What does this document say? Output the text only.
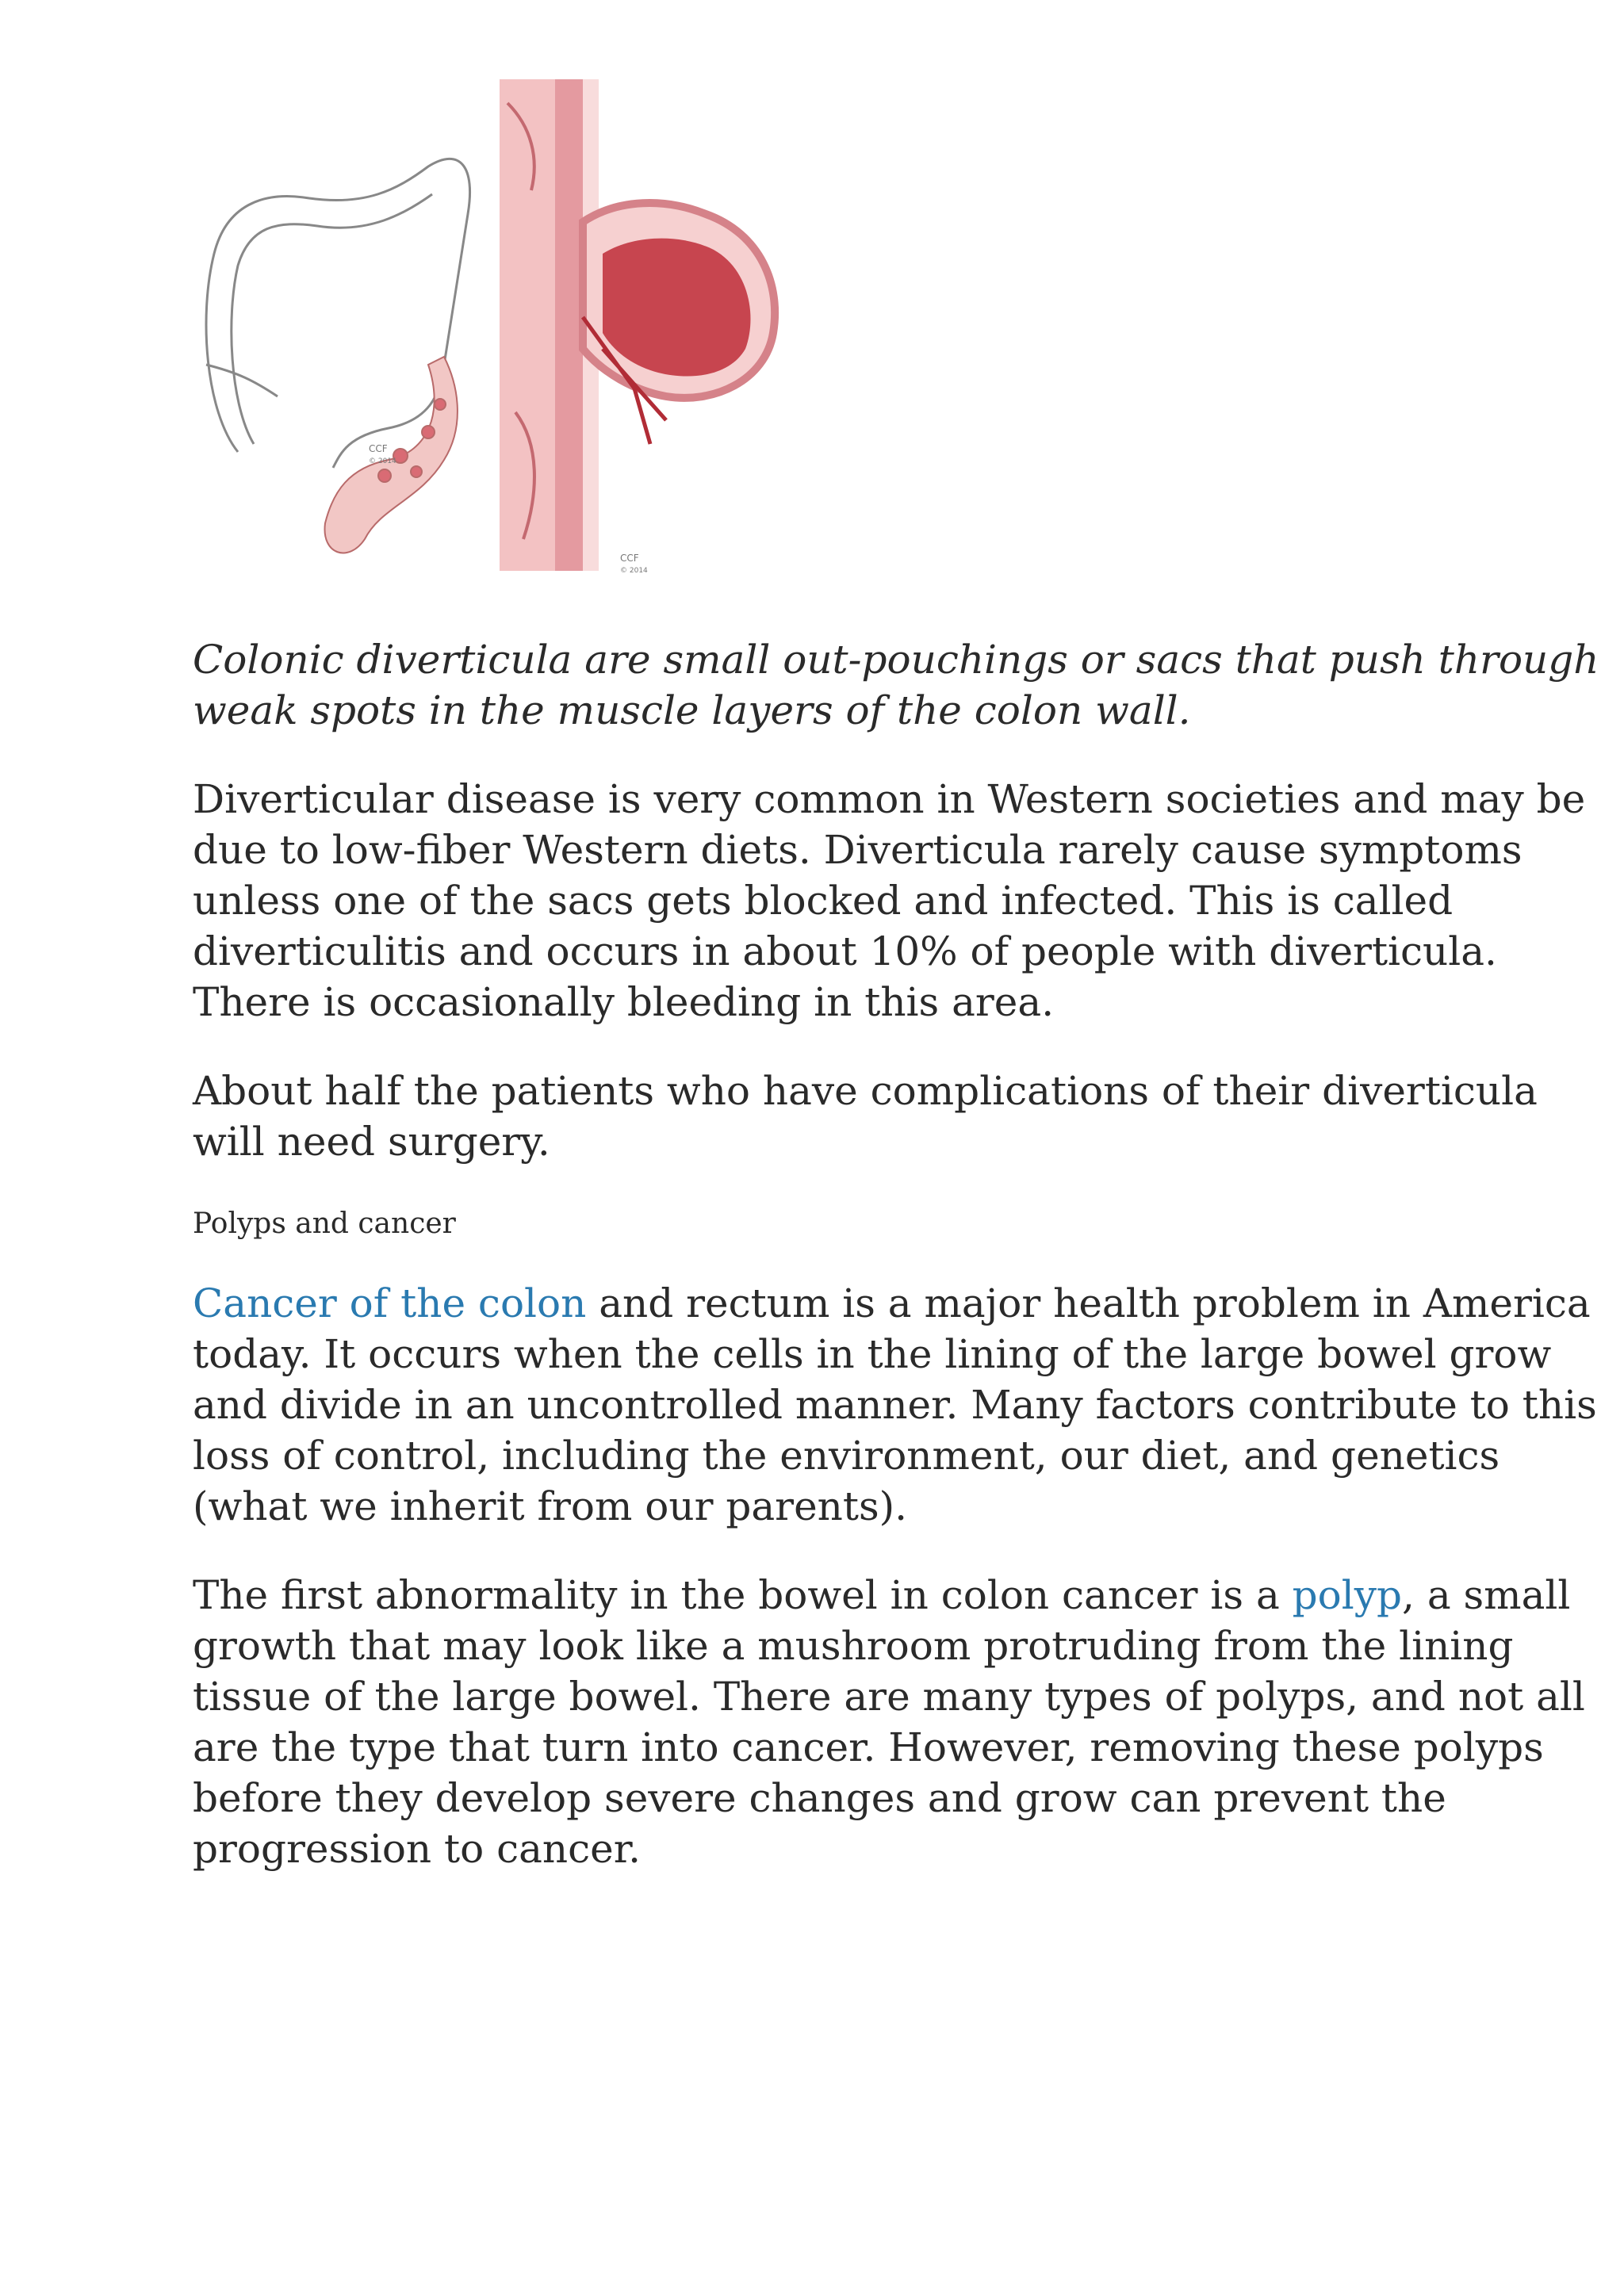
CCF
© 2014
CCF
© 2014

Colonic diverticula are small out-pouchings or sacs that push through weak spots in the muscle layers of the colon wall.

Diverticular disease is very common in Western societies and may be due to low-fiber Western diets. Diverticula rarely cause symptoms unless one of the sacs gets blocked and infected. This is called diverticulitis and occurs in about 10% of people with diverticula. There is occasionally bleeding in this area.

About half the patients who have complications of their diverticula will need surgery.

Polyps and cancer

Cancer of the colon and rectum is a major health problem in America today. It occurs when the cells in the lining of the large bowel grow and divide in an uncontrolled manner. Many factors contribute to this loss of control, including the environment, our diet, and genetics (what we inherit from our parents).

The first abnormality in the bowel in colon cancer is a polyp, a small growth that may look like a mushroom protruding from the lining tissue of the large bowel. There are many types of polyps, and not all are the type that turn into cancer. However, removing these polyps before they develop severe changes and grow can prevent the progression to cancer.
